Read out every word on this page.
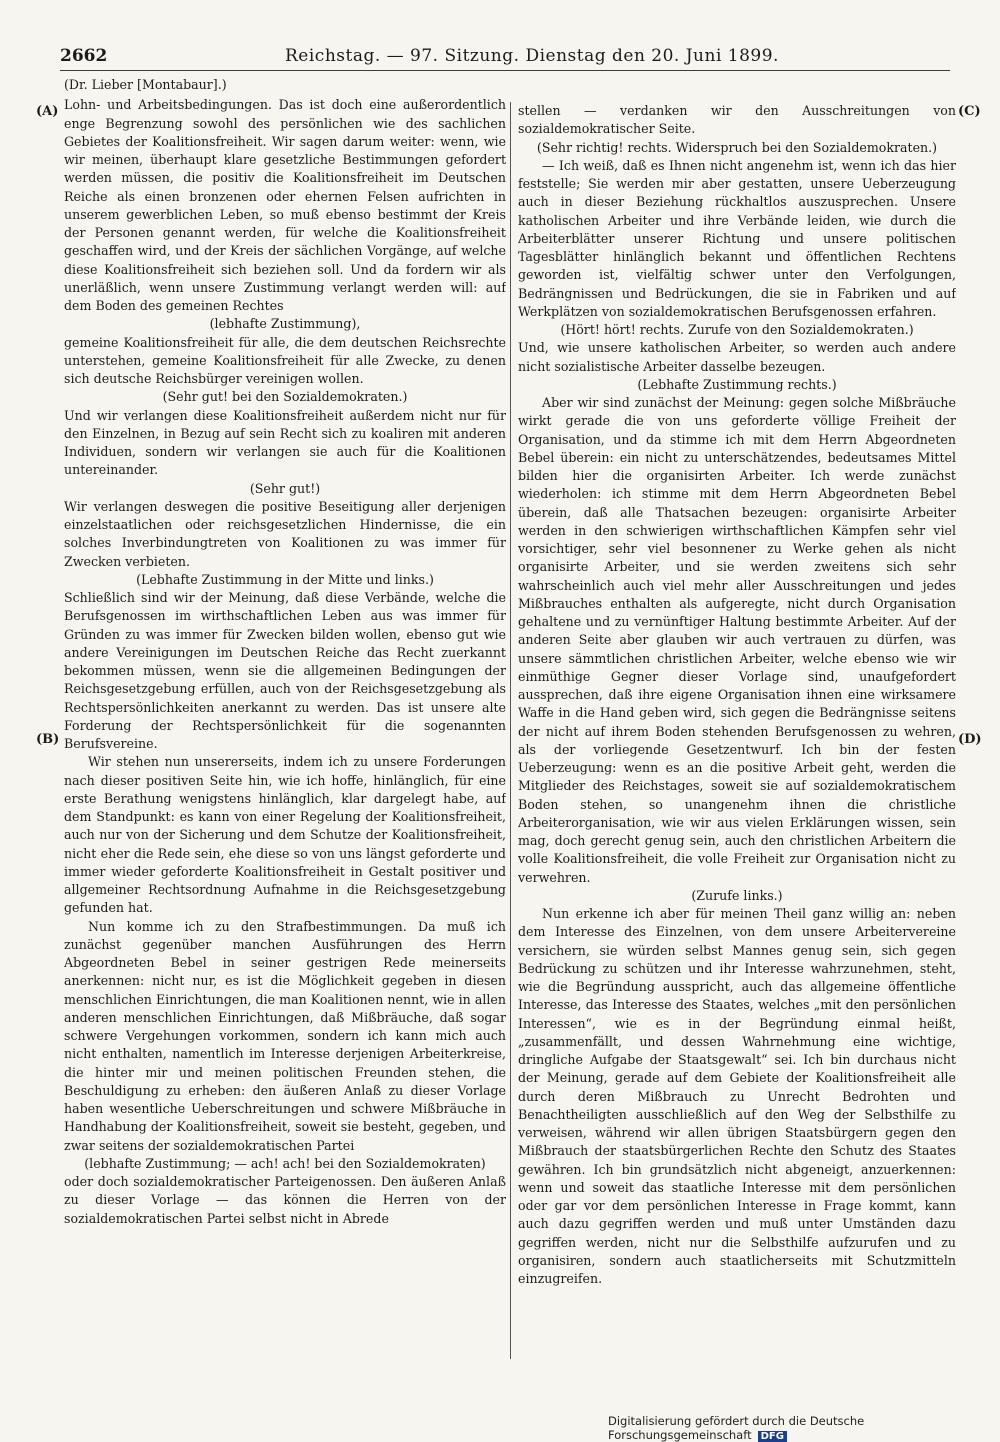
2662	Reichstag. — 97. Sitzung. Dienstag den 20. Juni 1899.
(A)
(B)
(C)
(D)

(Dr. Lieber [Montabaur].)

Lohn- und Arbeitsbedingungen. Das ist doch eine außerordentlich enge Begrenzung sowohl des persönlichen wie des sachlichen Gebietes der Koalitionsfreiheit. Wir sagen darum weiter: wenn, wie wir meinen, überhaupt klare gesetzliche Bestimmungen gefordert werden müssen, die positiv die Koalitionsfreiheit im Deutschen Reiche als einen bronzenen oder ehernen Felsen aufrichten in unserem gewerblichen Leben, so muß ebenso bestimmt der Kreis der Personen genannt werden, für welche die Koalitionsfreiheit geschaffen wird, und der Kreis der sächlichen Vorgänge, auf welche diese Koalitionsfreiheit sich beziehen soll. Und da fordern wir als unerläßlich, wenn unsere Zustimmung verlangt werden will: auf dem Boden des gemeinen Rechtes

(lebhafte Zustimmung),

gemeine Koalitionsfreiheit für alle, die dem deutschen Reichsrechte unterstehen, gemeine Koalitionsfreiheit für alle Zwecke, zu denen sich deutsche Reichsbürger vereinigen wollen.

(Sehr gut! bei den Sozialdemokraten.)

Und wir verlangen diese Koalitionsfreiheit außerdem nicht nur für den Einzelnen, in Bezug auf sein Recht sich zu koaliren mit anderen Individuen, sondern wir verlangen sie auch für die Koalitionen untereinander.

(Sehr gut!)

Wir verlangen deswegen die positive Beseitigung aller derjenigen einzelstaatlichen oder reichsgesetzlichen Hindernisse, die ein solches Inverbindungtreten von Koalitionen zu was immer für Zwecken verbieten.

(Lebhafte Zustimmung in der Mitte und links.)

Schließlich sind wir der Meinung, daß diese Verbände, welche die Berufsgenossen im wirthschaftlichen Leben aus was immer für Gründen zu was immer für Zwecken bilden wollen, ebenso gut wie andere Vereinigungen im Deutschen Reiche das Recht zuerkannt bekommen müssen, wenn sie die allgemeinen Bedingungen der Reichsgesetzgebung erfüllen, auch von der Reichsgesetzgebung als Rechtspersönlichkeiten anerkannt zu werden. Das ist unsere alte Forderung der Rechtspersönlichkeit für die sogenannten Berufsvereine.

Wir stehen nun unsererseits, indem ich zu unsere Forderungen nach dieser positiven Seite hin, wie ich hoffe, hinlänglich, für eine erste Berathung wenigstens hinlänglich, klar dargelegt habe, auf dem Standpunkt: es kann von einer Regelung der Koalitionsfreiheit, auch nur von der Sicherung und dem Schutze der Koalitionsfreiheit, nicht eher die Rede sein, ehe diese so von uns längst geforderte und immer wieder geforderte Koalitionsfreiheit in Gestalt positiver und allgemeiner Rechtsordnung Aufnahme in die Reichsgesetzgebung gefunden hat.

Nun komme ich zu den Strafbestimmungen. Da muß ich zunächst gegenüber manchen Ausführungen des Herrn Abgeordneten Bebel in seiner gestrigen Rede meinerseits anerkennen: nicht nur, es ist die Möglichkeit gegeben in diesen menschlichen Einrichtungen, die man Koalitionen nennt, wie in allen anderen menschlichen Einrichtungen, daß Mißbräuche, daß sogar schwere Vergehungen vorkommen, sondern ich kann mich auch nicht enthalten, namentlich im Interesse derjenigen Arbeiterkreise, die hinter mir und meinen politischen Freunden stehen, die Beschuldigung zu erheben: den äußeren Anlaß zu dieser Vorlage haben wesentliche Ueberschreitungen und schwere Mißbräuche in Handhabung der Koalitionsfreiheit, soweit sie besteht, gegeben, und zwar seitens der sozialdemokratischen Partei

(lebhafte Zustimmung; — ach! ach! bei den Sozialdemokraten)

oder doch sozialdemokratischer Parteigenossen. Den äußeren Anlaß zu dieser Vorlage — das können die Herren von der sozialdemokratischen Partei selbst nicht in Abrede

stellen — verdanken wir den Ausschreitungen von sozialdemokratischer Seite.

(Sehr richtig! rechts. Widerspruch bei den Sozialdemokraten.)

— Ich weiß, daß es Ihnen nicht angenehm ist, wenn ich das hier feststelle; Sie werden mir aber gestatten, unsere Ueberzeugung auch in dieser Beziehung rückhaltlos auszusprechen. Unsere katholischen Arbeiter und ihre Verbände leiden, wie durch die Arbeiterblätter unserer Richtung und unsere politischen Tagesblätter hinlänglich bekannt und öffentlichen Rechtens geworden ist, vielfältig schwer unter den Verfolgungen, Bedrängnissen und Bedrückungen, die sie in Fabriken und auf Werkplätzen von sozialdemokratischen Berufsgenossen erfahren.

(Hört! hört! rechts. Zurufe von den Sozialdemokraten.)

Und, wie unsere katholischen Arbeiter, so werden auch andere nicht sozialistische Arbeiter dasselbe bezeugen.

(Lebhafte Zustimmung rechts.)

Aber wir sind zunächst der Meinung: gegen solche Mißbräuche wirkt gerade die von uns geforderte völlige Freiheit der Organisation, und da stimme ich mit dem Herrn Abgeordneten Bebel überein: ein nicht zu unterschätzendes, bedeutsames Mittel bilden hier die organisirten Arbeiter. Ich werde zunächst wiederholen: ich stimme mit dem Herrn Abgeordneten Bebel überein, daß alle Thatsachen bezeugen: organisirte Arbeiter werden in den schwierigen wirthschaftlichen Kämpfen sehr viel vorsichtiger, sehr viel besonnener zu Werke gehen als nicht organisirte Arbeiter, und sie werden zweitens sich sehr wahrscheinlich auch viel mehr aller Ausschreitungen und jedes Mißbrauches enthalten als aufgeregte, nicht durch Organisation gehaltene und zu vernünftiger Haltung bestimmte Arbeiter. Auf der anderen Seite aber glauben wir auch vertrauen zu dürfen, was unsere sämmtlichen christlichen Arbeiter, welche ebenso wie wir einmüthige Gegner dieser Vorlage sind, unaufgefordert aussprechen, daß ihre eigene Organisation ihnen eine wirksamere Waffe in die Hand geben wird, sich gegen die Bedrängnisse seitens der nicht auf ihrem Boden stehenden Berufsgenossen zu wehren, als der vorliegende Gesetzentwurf. Ich bin der festen Ueberzeugung: wenn es an die positive Arbeit geht, werden die Mitglieder des Reichstages, soweit sie auf sozialdemokratischem Boden stehen, so unangenehm ihnen die christliche Arbeiterorganisation, wie wir aus vielen Erklärungen wissen, sein mag, doch gerecht genug sein, auch den christlichen Arbeitern die volle Koalitionsfreiheit, die volle Freiheit zur Organisation nicht zu verwehren.

(Zurufe links.)

Nun erkenne ich aber für meinen Theil ganz willig an: neben dem Interesse des Einzelnen, von dem unsere Arbeitervereine versichern, sie würden selbst Mannes genug sein, sich gegen Bedrückung zu schützen und ihr Interesse wahrzunehmen, steht, wie die Begründung ausspricht, auch das allgemeine öffentliche Interesse, das Interesse des Staates, welches „mit den persönlichen Interessen“, wie es in der Begründung einmal heißt, „zusammenfällt, und dessen Wahrnehmung eine wichtige, dringliche Aufgabe der Staatsgewalt“ sei. Ich bin durchaus nicht der Meinung, gerade auf dem Gebiete der Koalitionsfreiheit alle durch deren Mißbrauch zu Unrecht Bedrohten und Benachtheiligten ausschließlich auf den Weg der Selbsthilfe zu verweisen, während wir allen übrigen Staatsbürgern gegen den Mißbrauch der staatsbürgerlichen Rechte den Schutz des Staates gewähren. Ich bin grundsätzlich nicht abgeneigt, anzuerkennen: wenn und soweit das staatliche Interesse mit dem persönlichen oder gar vor dem persönlichen Interesse in Frage kommt, kann auch dazu gegriffen werden und muß unter Umständen dazu gegriffen werden, nicht nur die Selbsthilfe aufzurufen und zu organisiren, sondern auch staatlicherseits mit Schutzmitteln einzugreifen.

Digitalisierung gefördert durch die Deutsche Forschungsgemeinschaft DFG
